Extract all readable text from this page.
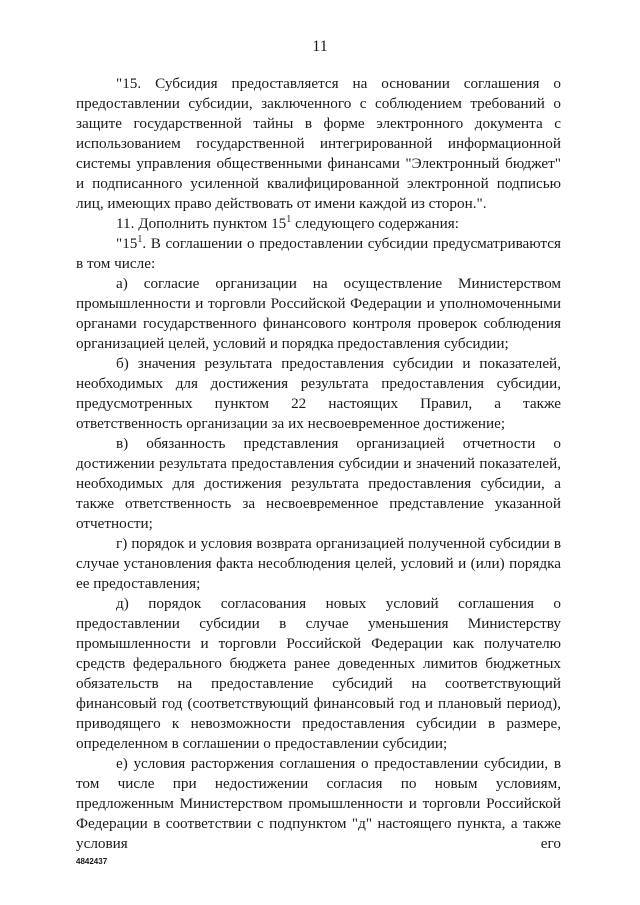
11

"15. Субсидия предоставляется на основании соглашения о предоставлении субсидии, заключенного с соблюдением требований о защите государственной тайны в форме электронного документа с использованием государственной интегрированной информационной системы управления общественными финансами "Электронный бюджет" и подписанного усиленной квалифицированной электронной подписью лиц, имеющих право действовать от имени каждой из сторон.".

11. Дополнить пунктом $15^1$ следующего содержания:

"$15^1$. В соглашении о предоставлении субсидии предусматриваются в том числе:

а) согласие организации на осуществление Министерством промышленности и торговли Российской Федерации и уполномоченными органами государственного финансового контроля проверок соблюдения организацией целей, условий и порядка предоставления субсидии;

б) значения результата предоставления субсидии и показателей, необходимых для достижения результата предоставления субсидии, предусмотренных пунктом 22 настоящих Правил, а также ответственность организации за их несвоевременное достижение;

в) обязанность представления организацией отчетности о достижении результата предоставления субсидии и значений показателей, необходимых для достижения результата предоставления субсидии, а также ответственность за несвоевременное представление указанной отчетности;

г) порядок и условия возврата организацией полученной субсидии в случае установления факта несоблюдения целей, условий и (или) порядка ее предоставления;

д) порядок согласования новых условий соглашения о предоставлении субсидии в случае уменьшения Министерству промышленности и торговли Российской Федерации как получателю средств федерального бюджета ранее доведенных лимитов бюджетных обязательств на предоставление субсидий на соответствующий финансовый год (соответствующий финансовый год и плановый период), приводящего к невозможности предоставления субсидии в размере, определенном в соглашении о предоставлении субсидии;

е) условия расторжения соглашения о предоставлении субсидии, в том числе при недостижении согласия по новым условиям, предложенным Министерством промышленности и торговли Российской Федерации в соответствии с подпунктом "д" настоящего пункта, а также условия его

4842437
